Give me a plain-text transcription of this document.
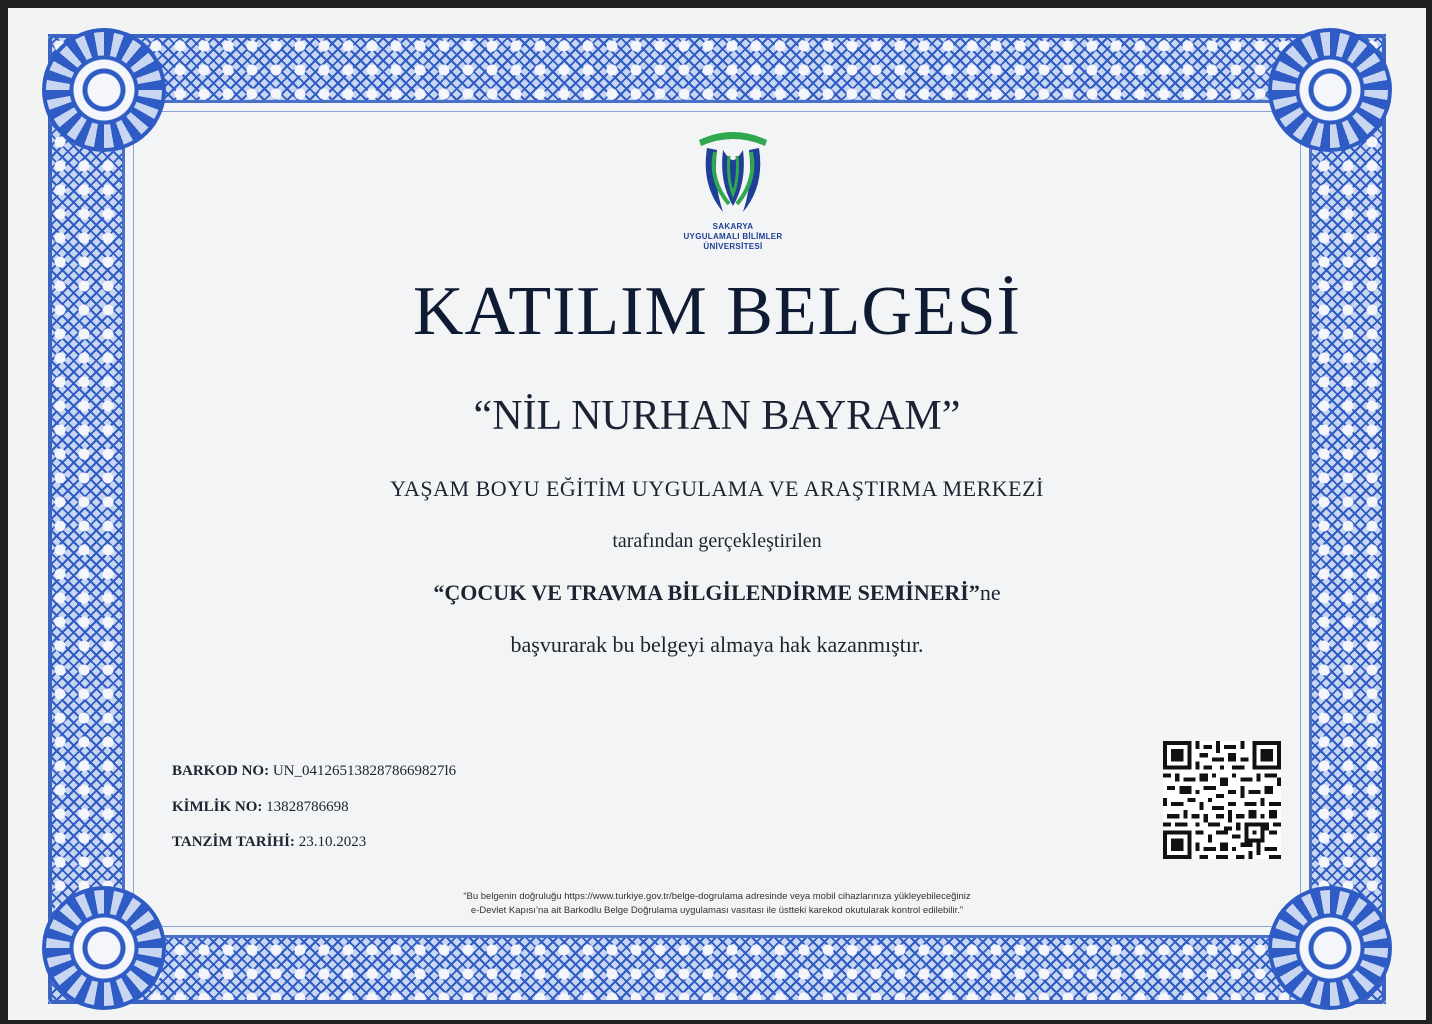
SAKARYA
UYGULAMALI BİLİMLER
ÜNİVERSİTESİ
KATILIM BELGESİ
“NİL NURHAN BAYRAM”
YAŞAM BOYU EĞİTİM UYGULAMA VE ARAŞTIRMA MERKEZİ
tarafından gerçekleştirilen
“ÇOCUK VE TRAVMA BİLGİLENDİRME SEMİNERİ”ne
başvurarak bu belgeyi almaya hak kazanmıştır.
BARKOD NO: UN_0412651382878669827l6
KİMLİK NO: 13828786698
TANZİM TARİHİ: 23.10.2023
“Bu belgenin doğruluğu https://www.turkiye.gov.tr/belge-dogrulama adresinde veya mobil cihazlarınıza yükleyebileceğiniz
e-Devlet Kapısı’na ait Barkodlu Belge Doğrulama uygulaması vasıtası ile üstteki karekod okutularak kontrol edilebilir.”
